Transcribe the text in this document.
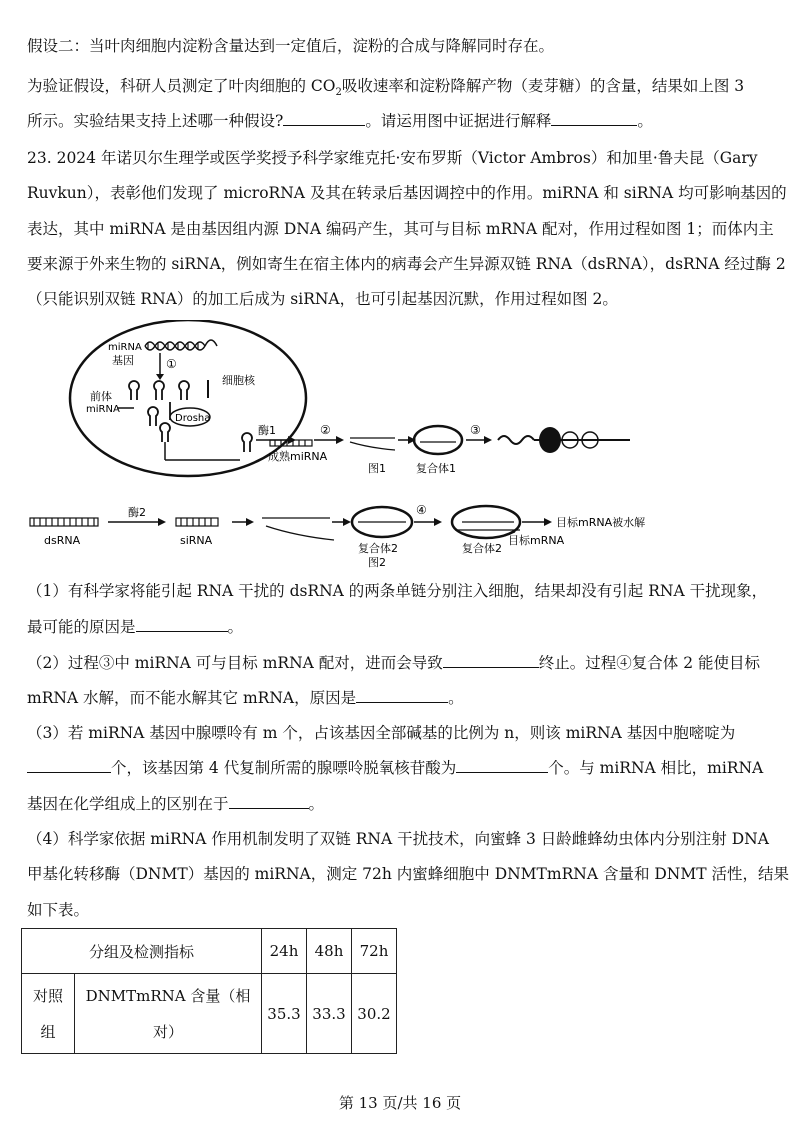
假设二：当叶肉细胞内淀粉含量达到一定值后，淀粉的合成与降解同时存在。
为验证假设，科研人员测定了叶肉细胞的 $CO_2$吸收速率和淀粉降解产物（麦芽糖）的含量，结果如上图 3
所示。实验结果支持上述哪一种假设?	。请运用图中证据进行解释	。
23. 2024 年诺贝尔生理学或医学奖授予科学家维克托·安布罗斯（Victor Ambros）和加里·鲁夫昆（Gary
Ruvkun），表彰他们发现了 microRNA 及其在转录后基因调控中的作用。miRNA 和 siRNA 均可影响基因的
表达，其中 miRNA 是由基因组内源 DNA 编码产生，其可与目标 mRNA 配对，作用过程如图 1；而体内主
要来源于外来生物的 siRNA，例如寄生在宿主体内的病毒会产生异源双链 RNA（dsRNA），dsRNA 经过酶 2
（只能识别双链 RNA）的加工后成为 siRNA，也可引起基因沉默，作用过程如图 2。
miRNA
基因	①
细胞核
前体
miRNA
Drosha
酶1
成熟miRNA
②
图1	复合体1
③
dsRNA
酶2
siRNA
复合体2
图2
④
复合体2
目标mRNA
目标mRNA被水解
（1）有科学家将能引起 RNA 干扰的 dsRNA 的两条单链分别注入细胞，结果却没有引起 RNA 干扰现象，
最可能的原因是	。
（2）过程③中 miRNA 可与目标 mRNA 配对，进而会导致	终止。过程④复合体 2 能使目标
mRNA 水解，而不能水解其它 mRNA，原因是	。
（3）若 miRNA 基因中腺嘌呤有 m 个，占该基因全部碱基的比例为 n，则该 miRNA 基因中胞嘧啶为
个，该基因第 4 代复制所需的腺嘌呤脱氧核苷酸为	个。与 miRNA 相比，miRNA
基因在化学组成上的区别在于	。
（4）科学家依据 miRNA 作用机制发明了双链 RNA 干扰技术，向蜜蜂 3 日龄雌蜂幼虫体内分别注射 DNA
甲基化转移酶（DNMT）基因的 miRNA，测定 72h 内蜜蜂细胞中 DNMTmRNA 含量和 DNMT 活性，结果
如下表。
分组及检测指标		24h	48h	72h
对照
组	DNMTmRNA 含量（相
对）	35.3	33.3	30.2
第 13 页/共 16 页
